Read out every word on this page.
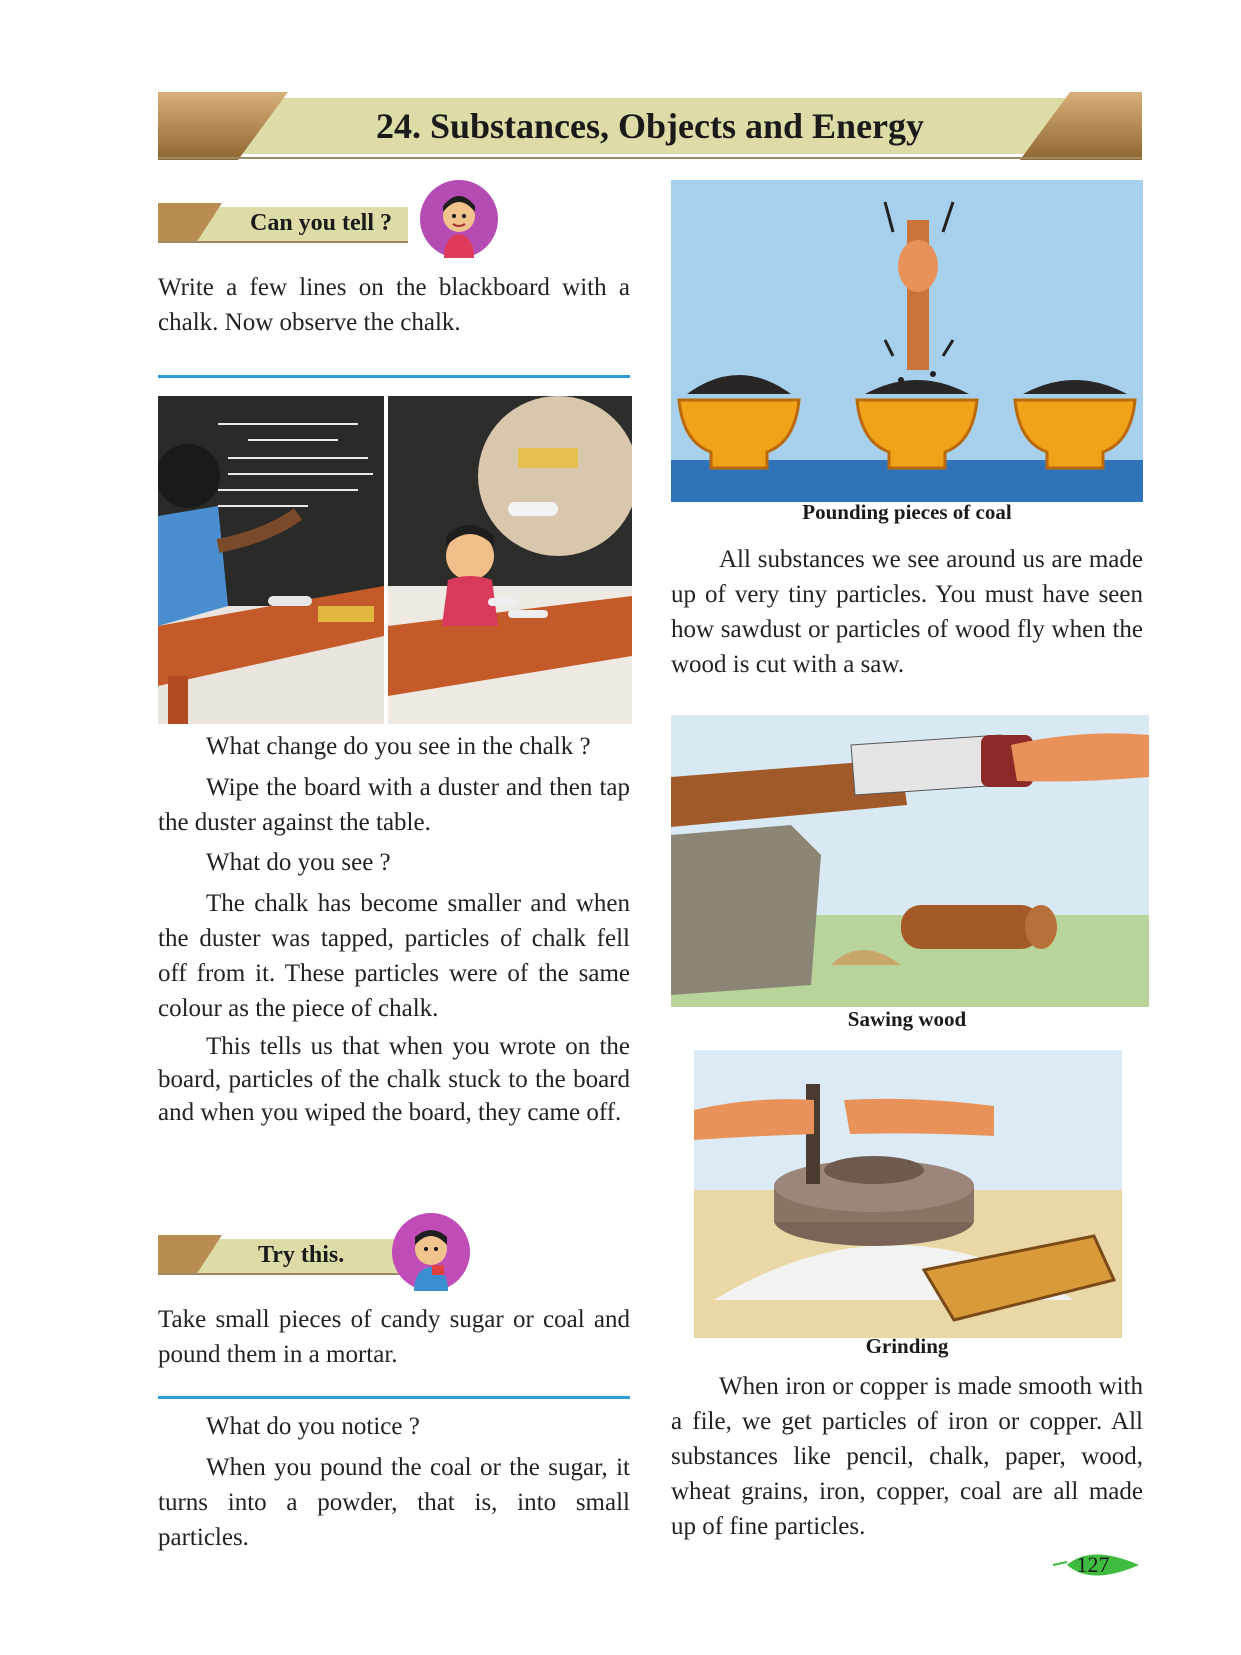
24. Substances, Objects and Energy
Can you tell ?

Write a few lines on the blackboard with a chalk. Now observe the chalk.

What change do you see in the chalk ?

Wipe the board with a duster and then tap the duster against the table.

What do you see ?

The chalk has become smaller and when the duster was tapped, particles of chalk fell off from it. These particles were of the same colour as the piece of chalk.

This tells us that when you wrote on the board, particles of the chalk stuck to the board and when you wiped the board, they came off.

Try this.

Take small pieces of candy sugar or coal and pound them in a mortar.

What do you notice ?

When you pound the coal or the sugar, it turns into a powder, that is, into small particles.

Pounding pieces of coal

All substances we see around us are made up of very tiny particles. You must have seen how sawdust or particles of wood fly when the wood is cut with a saw.

Sawing wood
Grinding

When iron or copper is made smooth with a file, we get particles of iron or copper. All substances like pencil, chalk, paper, wood, wheat grains, iron, copper, coal are all made up of fine particles.

127
